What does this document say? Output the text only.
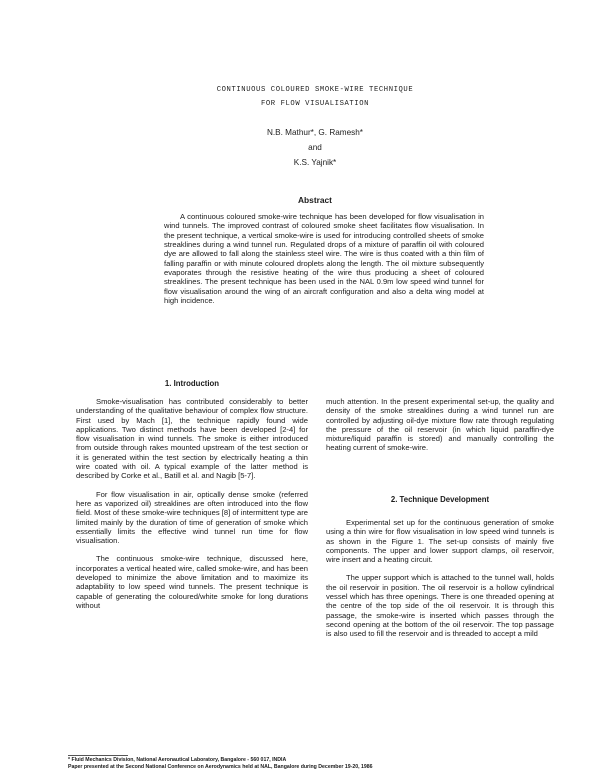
CONTINUOUS COLOURED SMOKE-WIRE TECHNIQUE
FOR FLOW VISUALISATION
N.B. Mathur*, G. Ramesh*
and
K.S. Yajnik*
Abstract

A continuous coloured smoke-wire technique has been developed for flow visualisation in wind tunnels. The improved contrast of coloured smoke sheet facilitates flow visualisation. In the present technique, a vertical smoke-wire is used for introducing controlled sheets of smoke streaklines during a wind tunnel run. Regulated drops of a mixture of paraffin oil with coloured dye are allowed to fall along the stainless steel wire. The wire is thus coated with a thin film of falling paraffin or with minute coloured droplets along the length. The oil mixture subsequently evaporates through the resistive heating of the wire thus producing a sheet of coloured streaklines. The present technique has been used in the NAL 0.9m low speed wind tunnel for flow visualisation around the wing of an aircraft configuration and also a delta wing model at high incidence.

1. Introduction

Smoke-visualisation has contributed considerably to better understanding of the qualitative behaviour of complex flow structure. First used by Mach [1], the technique rapidly found wide applications. Two distinct methods have been developed [2-4] for flow visualisation in wind tunnels. The smoke is either introduced from outside through rakes mounted upstream of the test section or it is generated within the test section by electrically heating a thin wire coated with oil. A typical example of the latter method is described by Corke et al., Batill et al. and Nagib [5-7].

For flow visualisation in air, optically dense smoke (referred here as vaporized oil) streaklines are often introduced into the flow field. Most of these smoke-wire techniques [8] of intermittent type are limited mainly by the duration of time of generation of smoke which essentially limits the effective wind tunnel run time for flow visualisation.

The continuous smoke-wire technique, discussed here, incorporates a vertical heated wire, called smoke-wire, and has been developed to minimize the above limitation and to maximize its adaptability to low speed wind tunnels. The present technique is capable of generating the coloured/white smoke for long durations without

much attention. In the present experimental set-up, the quality and density of the smoke streaklines during a wind tunnel run are controlled by adjusting oil-dye mixture flow rate through regulating the pressure of the oil reservoir (in which liquid paraffin-dye mixture/liquid paraffin is stored) and manually controlling the heating current of smoke-wire.

2. Technique Development

Experimental set up for the continuous generation of smoke using a thin wire for flow visualisation in low speed wind tunnels is as shown in the Figure 1. The set-up consists of mainly five components. The upper and lower support clamps, oil reservoir, wire insert and a heating circuit.

The upper support which is attached to the tunnel wall, holds the oil reservoir in position. The oil reservoir is a hollow cylindrical vessel which has three openings. There is one threaded opening at the centre of the top side of the oil reservoir. It is through this passage, the smoke-wire is inserted which passes through the second opening at the bottom of the oil reservoir. The top passage is also used to fill the reservoir and is threaded to accept a mild

* Fluid Mechanics Division, National Aeronautical Laboratory, Bangalore - 560 017, INDIA
Paper presented at the Second National Conference on Aerodynamics held at NAL, Bangalore during December 19-20, 1986
